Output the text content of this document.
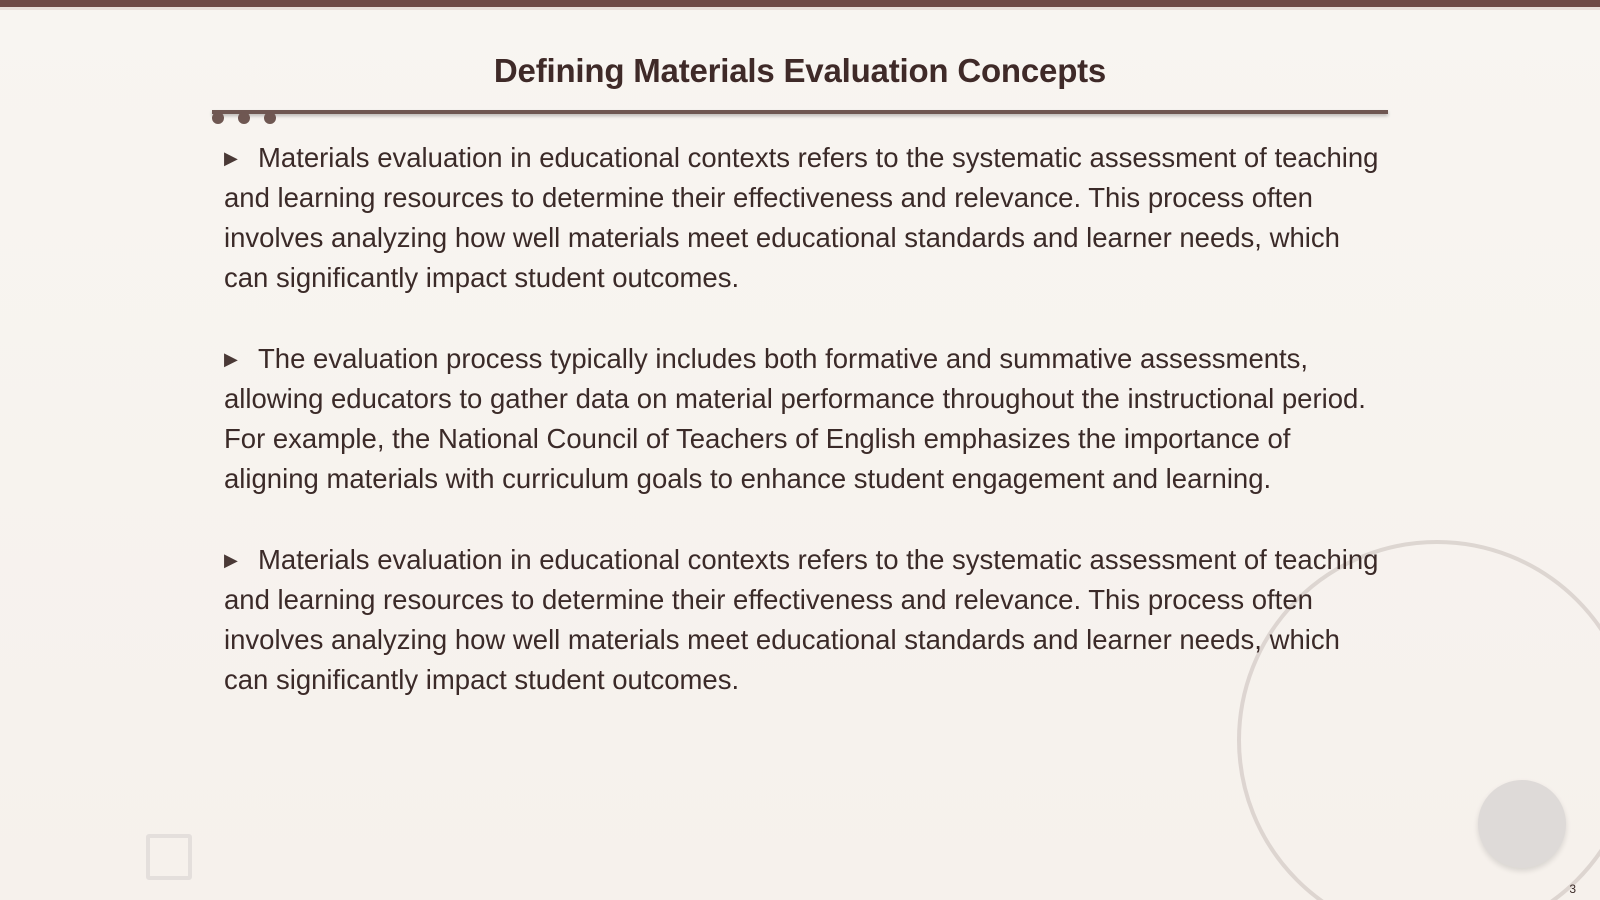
Defining Materials Evaluation Concepts

▶ Materials evaluation in educational contexts refers to the systematic assessment of teaching and learning resources to determine their effectiveness and relevance. This process often involves analyzing how well materials meet educational standards and learner needs, which can significantly impact student outcomes.

▶ The evaluation process typically includes both formative and summative assessments, allowing educators to gather data on material performance throughout the instructional period. For example, the National Council of Teachers of English emphasizes the importance of aligning materials with curriculum goals to enhance student engagement and learning.

▶ Materials evaluation in educational contexts refers to the systematic assessment of teaching and learning resources to determine their effectiveness and relevance. This process often involves analyzing how well materials meet educational standards and learner needs, which can significantly impact student outcomes.

3
